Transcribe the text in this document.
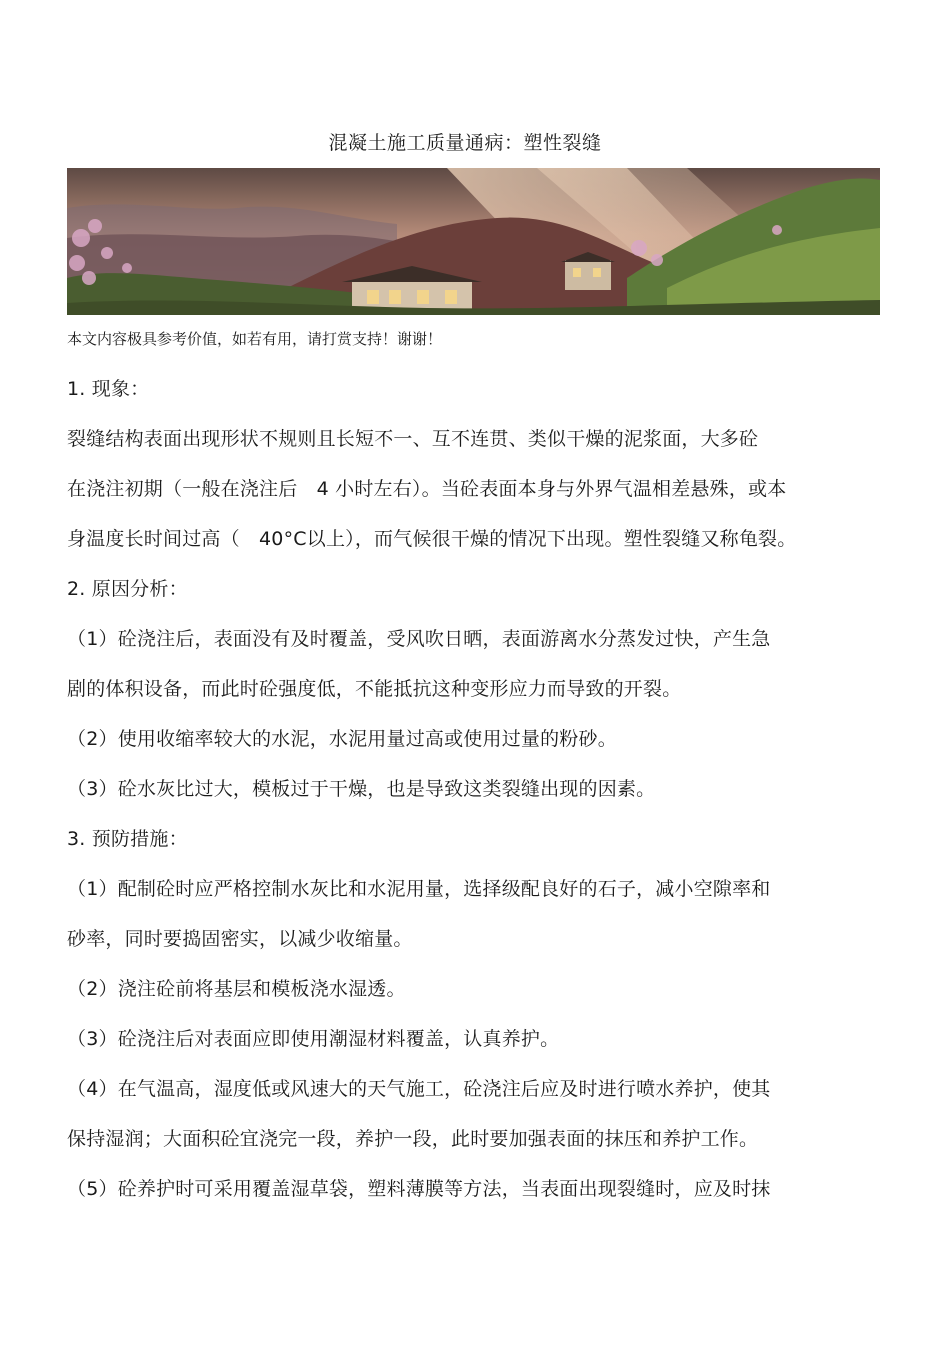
混凝土施工质量通病：塑性裂缝
本文内容极具参考价值，如若有用，请打赏支持！谢谢！
1. 现象：
裂缝结构表面出现形状不规则且长短不一、互不连贯、类似干燥的泥浆面，大多砼
在浇注初期（一般在浇注后　4 小时左右）。当砼表面本身与外界气温相差悬殊，或本
身温度长时间过高（　40°C以上），而气候很干燥的情况下出现。塑性裂缝又称龟裂。
2. 原因分析：
（1）砼浇注后，表面没有及时覆盖，受风吹日晒，表面游离水分蒸发过快，产生急
剧的体积设备，而此时砼强度低，不能抵抗这种变形应力而导致的开裂。
（2）使用收缩率较大的水泥，水泥用量过高或使用过量的粉砂。
（3）砼水灰比过大，模板过于干燥，也是导致这类裂缝出现的因素。
3. 预防措施：
（1）配制砼时应严格控制水灰比和水泥用量，选择级配良好的石子，减小空隙率和
砂率，同时要捣固密实，以减少收缩量。
（2）浇注砼前将基层和模板浇水湿透。
（3）砼浇注后对表面应即使用潮湿材料覆盖，认真养护。
（4）在气温高，湿度低或风速大的天气施工，砼浇注后应及时进行喷水养护，使其
保持湿润；大面积砼宜浇完一段，养护一段，此时要加强表面的抹压和养护工作。
（5）砼养护时可采用覆盖湿草袋，塑料薄膜等方法，当表面出现裂缝时，应及时抹
